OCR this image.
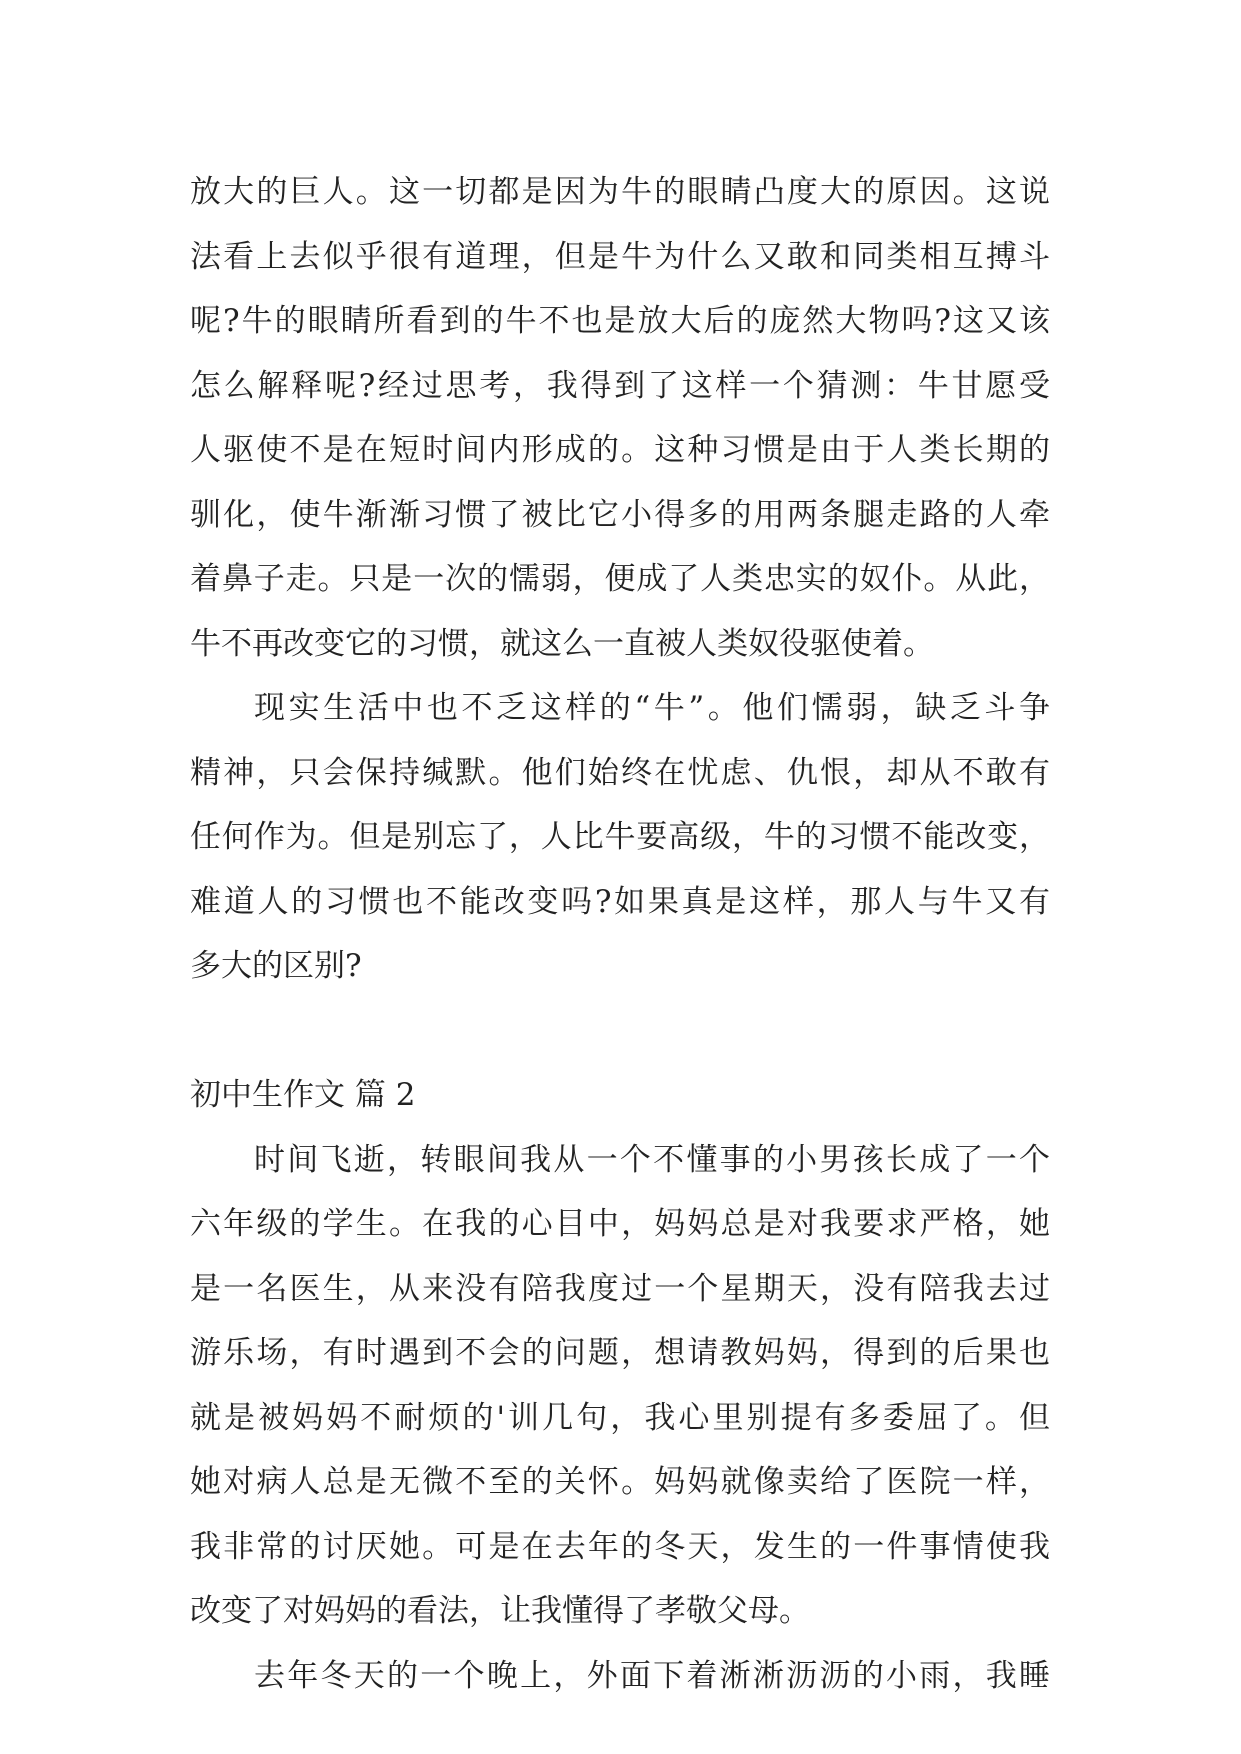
放大的巨人。这一切都是因为牛的眼睛凸度大的原因。这说
法看上去似乎很有道理，但是牛为什么又敢和同类相互搏斗
呢?牛的眼睛所看到的牛不也是放大后的庞然大物吗?这又该
怎么解释呢?经过思考，我得到了这样一个猜测：牛甘愿受
人驱使不是在短时间内形成的。这种习惯是由于人类长期的
驯化，使牛渐渐习惯了被比它小得多的用两条腿走路的人牵
着鼻子走。只是一次的懦弱，便成了人类忠实的奴仆。从此，
牛不再改变它的习惯，就这么一直被人类奴役驱使着。
现实生活中也不乏这样的“牛”。他们懦弱，缺乏斗争
精神，只会保持缄默。他们始终在忧虑、仇恨，却从不敢有
任何作为。但是别忘了，人比牛要高级，牛的习惯不能改变，
难道人的习惯也不能改变吗?如果真是这样，那人与牛又有
多大的区别?
初中生作文 篇 2
时间飞逝，转眼间我从一个不懂事的小男孩长成了一个
六年级的学生。在我的心目中，妈妈总是对我要求严格，她
是一名医生，从来没有陪我度过一个星期天，没有陪我去过
游乐场，有时遇到不会的问题，想请教妈妈，得到的后果也
就是被妈妈不耐烦的'训几句，我心里别提有多委屈了。但
她对病人总是无微不至的关怀。妈妈就像卖给了医院一样，
我非常的讨厌她。可是在去年的冬天，发生的一件事情使我
改变了对妈妈的看法，让我懂得了孝敬父母。
去年冬天的一个晚上，外面下着淅淅沥沥的小雨，我睡
